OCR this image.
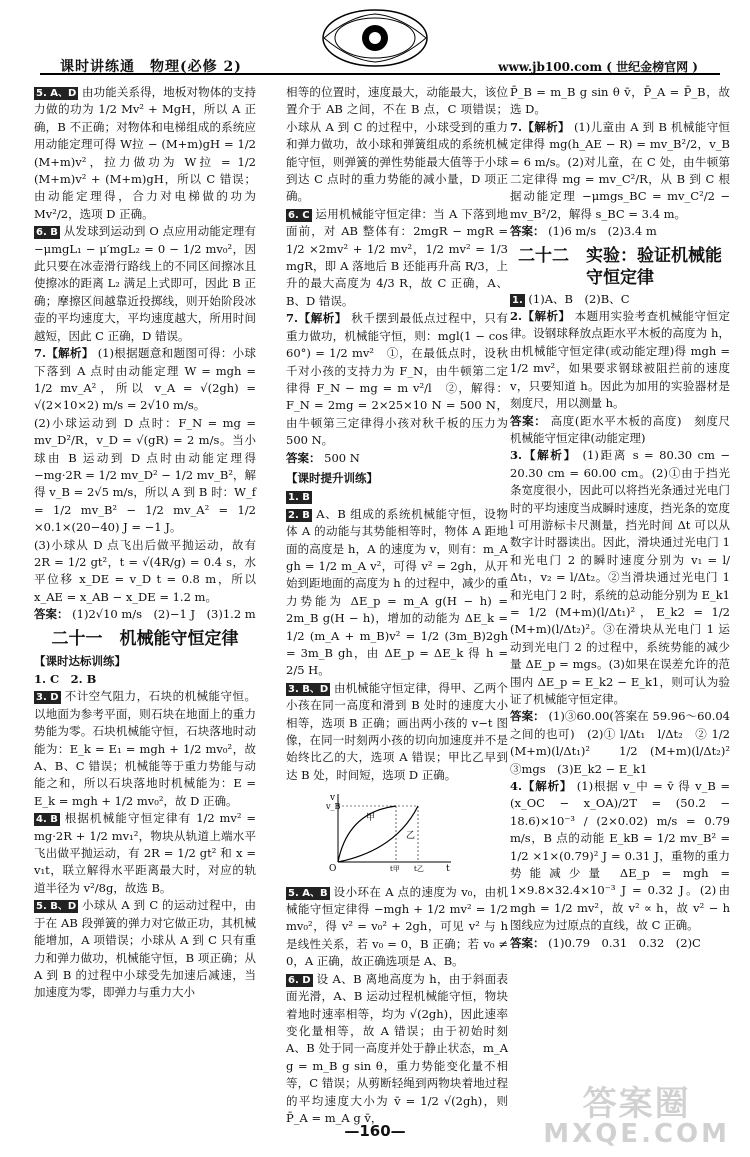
课时讲练通　物理(必修 2)	www.jb100.com ( 世纪金榜官网 )

5. A、D 由功能关系得，地板对物体的支持力做的功为 1/2 Mv² + MgH，所以 A 正确，B 不正确；对物体和电梯组成的系统应用动能定理可得 W拉 − (M+m)gH = 1/2 (M+m)v²，拉力做功为 W拉 = 1/2 (M+m)v² + (M+m)gH，所以 C 错误；由动能定理得，合力对电梯做的功为 Mv²/2，选项 D 正确。

6. B 从发球到运动到 O 点应用动能定理有 −μmgL₁ − μ′mgL₂ = 0 − 1/2 mv₀²，因此只要在冰壶滑行路线上的不同区间擦冰且使擦冰的距离 L₂ 满足上式即可，因此 B 正确；摩擦区间越靠近投掷线，则开始阶段冰壶的平均速度大，平均速度越大，所用时间越短，因此 C 正确，D 错误。

7.【解析】 (1)根据题意和题图可得：小球下落到 A 点时由动能定理 W = mgh = 1/2 mv_A²，所以 v_A = √(2gh) = √(2×10×2) m/s = 2√10 m/s。

(2)小球运动到 D 点时：F_N = mg = mv_D²/R，v_D = √(gR) = 2 m/s。当小球由 B 运动到 D 点时由动能定理得 −mg·2R = 1/2 mv_D² − 1/2 mv_B²，解得 v_B = 2√5 m/s，所以 A 到 B 时：W_f = 1/2 mv_B² − 1/2 mv_A² = 1/2 ×0.1×(20−40) J = −1 J。

(3)小球从 D 点飞出后做平抛运动，故有 2R = 1/2 gt²，t = √(4R/g) = 0.4 s，水平位移 x_DE = v_D t = 0.8 m，所以 x_AE = x_AB − x_DE = 1.2 m。

答案： (1)2√10 m/s　(2)−1 J　(3)1.2 m

二十一　机械能守恒定律
【课时达标训练】

1. C　2. B

3. D 不计空气阻力，石块的机械能守恒。以地面为参考平面，则石块在地面上的重力势能为零。石块机械能守恒，石块落地时动能为：E_k = E₁ = mgh + 1/2 mv₀²，故 A、B、C 错误；机械能等于重力势能与动能之和，所以石块落地时机械能为：E = E_k = mgh + 1/2 mv₀²，故 D 正确。

4. B 根据机械能守恒定律有 1/2 mv² = mg·2R + 1/2 mv₁²，物块从轨道上端水平飞出做平抛运动，有 2R = 1/2 gt² 和 x = v₁t，联立解得水平距离最大时，对应的轨道半径为 v²/8g，故选 B。

5. B、D 小球从 A 到 C 的运动过程中，由于在 AB 段弹簧的弹力对它做正功，其机械能增加，A 项错误；小球从 A 到 C 只有重力和弹力做功，机械能守恒，B 项正确；从 A 到 B 的过程中小球受先加速后减速，当加速度为零，即弹力与重力大小

相等的位置时，速度最大，动能最大，该位置介于 AB 之间，不在 B 点，C 项错误；小球从 A 到 C 的过程中，小球受到的重力和弹力做功，故小球和弹簧组成的系统机械能守恒，则弹簧的弹性势能最大值等于小球到达 C 点时的重力势能的减小量，D 项正确。

6. C 运用机械能守恒定律：当 A 下落到地面前，对 AB 整体有：2mgR − mgR = 1/2 ×2mv² + 1/2 mv²，1/2 mv² = 1/3 mgR，即 A 落地后 B 还能再升高 R/3，上升的最大高度为 4/3 R，故 C 正确，A、B、D 错误。

7.【解析】 秋千摆到最低点过程中，只有重力做功，机械能守恒，则：mgl(1 − cos 60°) = 1/2 mv²　①，在最低点时，设秋千对小孩的支持力为 F_N，由牛顿第二定律得 F_N − mg = m v²/l　②，解得：F_N = 2mg = 2×25×10 N = 500 N，由牛顿第三定律得小孩对秋千板的压力为 500 N。

答案： 500 N

【课时提升训练】

1. B

2. B A、B 组成的系统机械能守恒，设物体 A 的动能与其势能相等时，物体 A 距地面的高度是 h，A 的速度为 v，则有：m_A gh = 1/2 m_A v²，可得 v² = 2gh，从开始到距地面的高度为 h 的过程中，减少的重力势能为 ΔE_p = m_A g(H − h) = 2m_B g(H − h)，增加的动能为 ΔE_k = 1/2 (m_A + m_B)v² = 1/2 (3m_B)2gh = 3m_B gh，由 ΔE_p = ΔE_k 得 h = 2/5 H。

3. B、D 由机械能守恒定律，得甲、乙两个小孩在同一高度和滑到 B 处时的速度大小相等，选项 B 正确；画出两小孩的 v−t 图像，在同一时刻两小孩的切向加速度并不是始终比乙的大，选项 A 错误；甲比乙早到达 B 处，时间短，选项 D 正确。

v
v_B
甲
乙
O	t甲 t乙 t

5. A、B 设小环在 A 点的速度为 v₀，由机械能守恒定律得 −mgh + 1/2 mv² = 1/2 mv₀²，得 v² = v₀² + 2gh，可见 v² 与 h 是线性关系，若 v₀ = 0，B 正确；若 v₀ ≠ 0，A 正确，故正确选项是 A、B。

6. D 设 A、B 离地高度为 h，由于斜面表面光滑，A、B 运动过程机械能守恒，物块着地时速率相等，均为 √(2gh)，因此速率变化量相等，故 A 错误；由于初始时刻 A、B 处于同一高度并处于静止状态，m_A g = m_B g sin θ，重力势能变化量不相等，C 错误；从剪断轻绳到两物块着地过程的平均速度大小为 v̄ = 1/2 √(2gh)，则 P̄_A = m_A g v̄，

P̄_B = m_B g sin θ v̄，P̄_A = P̄_B，故选 D。

7.【解析】 (1)儿童由 A 到 B 机械能守恒定律得 mg(h_AE − R) = mv_B²/2，v_B = 6 m/s。(2)对儿童，在 C 处，由牛顿第二定律得 mg = mv_C²/R，从 B 到 C 根据动能定理 −μmgs_BC = mv_C²/2 − mv_B²/2，解得 s_BC = 3.4 m。

答案： (1)6 m/s　(2)3.4 m

二十二　实验：验证机械能守恒定律

1. (1)A、B　(2)B、C

2.【解析】 本题用实验考查机械能守恒定律。设钢球释放点距水平木板的高度为 h，由机械能守恒定律(或动能定理)得 mgh = 1/2 mv²，如果要求钢球被阻拦前的速度 v，只要知道 h。因此为加用的实验器材是刻度尺，用以测量 h。

答案： 高度(距水平木板的高度)　刻度尺　机械能守恒定律(动能定理)

3.【解析】 (1)距离 s = 80.30 cm − 20.30 cm = 60.00 cm。(2)①由于挡光条宽度很小，因此可以将挡光条通过光电门时的平均速度当成瞬时速度，挡光条的宽度 l 可用游标卡尺测量，挡光时间 Δt 可以从数字计时器读出。因此，滑块通过光电门 1 和光电门 2 的瞬时速度分别为 v₁ = l/Δt₁，v₂ = l/Δt₂。②当滑块通过光电门 1 和光电门 2 时，系统的总动能分别为 E_k1 = 1/2 (M+m)(l/Δt₁)²，E_k2 = 1/2 (M+m)(l/Δt₂)²。③在滑块从光电门 1 运动到光电门 2 的过程中，系统势能的减少量 ΔE_p = mgs。(3)如果在误差允许的范围内 ΔE_p = E_k2 − E_k1，则可认为验证了机械能守恒定律。

答案： (1)③60.00(答案在 59.96～60.04 之间的也可)　(2)① l/Δt₁　l/Δt₂　② 1/2 (M+m)(l/Δt₁)²　1/2 (M+m)(l/Δt₂)²　③mgs　(3)E_k2 − E_k1

4.【解析】 (1)根据 v_中 = v̄ 得 v_B = (x_OC − x_OA)/2T = (50.2 − 18.6)×10⁻³ / (2×0.02) m/s = 0.79 m/s，B 点的动能 E_kB = 1/2 mv_B² = 1/2 ×1×(0.79)² J = 0.31 J，重物的重力势能减少量 ΔE_p = mgh = 1×9.8×32.4×10⁻³ J = 0.32 J。(2)由 mgh = 1/2 mv²，故 v² ∝ h，故 v² − h 图线应为过原点的直线，故 C 正确。

答案： (1)0.79　0.31　0.32　(2)C

—160—
答案圈
MXQE.COM
